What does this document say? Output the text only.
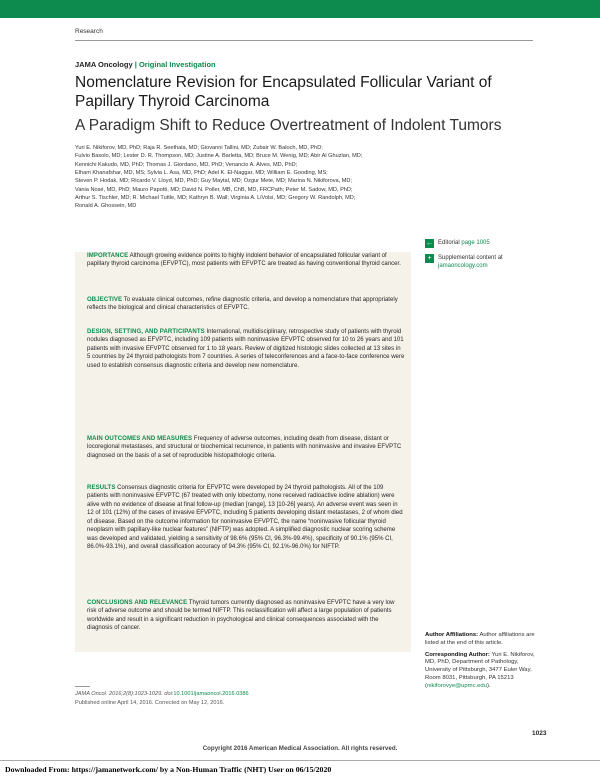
Research
JAMA Oncology | Original Investigation
Nomenclature Revision for Encapsulated Follicular Variant of Papillary Thyroid Carcinoma
A Paradigm Shift to Reduce Overtreatment of Indolent Tumors
Yuri E. Nikiforov, MD, PhD; Raja R. Seethala, MD; Giovanni Tallini, MD; Zubair W. Baloch, MD, PhD;
Fulvio Basolo, MD; Lester D. R. Thompson, MD; Justine A. Barletta, MD; Bruce M. Wenig, MD; Abir Al Ghuzlan, MD;
Kennichi Kakudo, MD, PhD; Thomas J. Giordano, MD, PhD; Venancio A. Alves, MD, PhD;
Elham Khanafshar, MD, MS; Sylvia L. Asa, MD, PhD; Adel K. El-Naggar, MD; William E. Gooding, MS;
Steven P. Hodak, MD; Ricardo V. Lloyd, MD, PhD; Guy Maytal, MD; Ozgur Mete, MD; Marina N. Nikiforova, MD;
Vania Nosé, MD, PhD; Mauro Papotti, MD; David N. Poller, MB, ChB, MD, FRCPath; Peter M. Sadow, MD, PhD;
Arthur S. Tischler, MD; R. Michael Tuttle, MD; Kathryn B. Wall; Virginia A. LiVolsi, MD; Gregory W. Randolph, MD;
Ronald A. Ghossein, MD
← Editorial page 1005
+	Supplemental content at
jamaoncology.com
IMPORTANCE Although growing evidence points to highly indolent behavior of encapsulated follicular variant of papillary thyroid carcinoma (EFVPTC), most patients with EFVPTC are treated as having conventional thyroid cancer.
OBJECTIVE To evaluate clinical outcomes, refine diagnostic criteria, and develop a nomenclature that appropriately reflects the biological and clinical characteristics of EFVPTC.
DESIGN, SETTING, AND PARTICIPANTS International, multidisciplinary, retrospective study of patients with thyroid nodules diagnosed as EFVPTC, including 109 patients with noninvasive EFVPTC observed for 10 to 26 years and 101 patients with invasive EFVPTC observed for 1 to 18 years. Review of digitized histologic slides collected at 13 sites in 5 countries by 24 thyroid pathologists from 7 countries. A series of teleconferences and a face-to-face conference were used to establish consensus diagnostic criteria and develop new nomenclature.
MAIN OUTCOMES AND MEASURES Frequency of adverse outcomes, including death from disease, distant or locoregional metastases, and structural or biochemical recurrence, in patients with noninvasive and invasive EFVPTC diagnosed on the basis of a set of reproducible histopathologic criteria.
RESULTS Consensus diagnostic criteria for EFVPTC were developed by 24 thyroid pathologists. All of the 109 patients with noninvasive EFVPTC (67 treated with only lobectomy, none received radioactive iodine ablation) were alive with no evidence of disease at final follow-up (median [range], 13 [10-26] years). An adverse event was seen in 12 of 101 (12%) of the cases of invasive EFVPTC, including 5 patients developing distant metastases, 2 of whom died of disease. Based on the outcome information for noninvasive EFVPTC, the name “noninvasive follicular thyroid neoplasm with papillary-like nuclear features” (NIFTP) was adopted. A simplified diagnostic nuclear scoring scheme was developed and validated, yielding a sensitivity of 98.6% (95% CI, 96.3%-99.4%), specificity of 90.1% (95% CI, 86.0%-93.1%), and overall classification accuracy of 94.3% (95% CI, 92.1%-96.0%) for NIFTP.
CONCLUSIONS AND RELEVANCE Thyroid tumors currently diagnosed as noninvasive EFVPTC have a very low risk of adverse outcome and should be termed NIFTP. This reclassification will affect a large population of patients worldwide and result in a significant reduction in psychological and clinical consequences associated with the diagnosis of cancer.
Author Affiliations: Author affiliations are listed at the end of this article.
Corresponding Author: Yuri E. Nikiforov, MD, PhD, Department of Pathology, University of Pittsburgh, 3477 Euler Way, Room 8031, Pittsburgh, PA 15213 (nikiforovye@upmc.edu).
JAMA Oncol. 2016;2(8):1023-1029. doi:10.1001/jamaoncol.2016.0386
Published online April 14, 2016. Corrected on May 12, 2016.
1023
Copyright 2016 American Medical Association. All rights reserved.
Downloaded From: https://jamanetwork.com/ by a Non-Human Traffic (NHT) User on 06/15/2020
